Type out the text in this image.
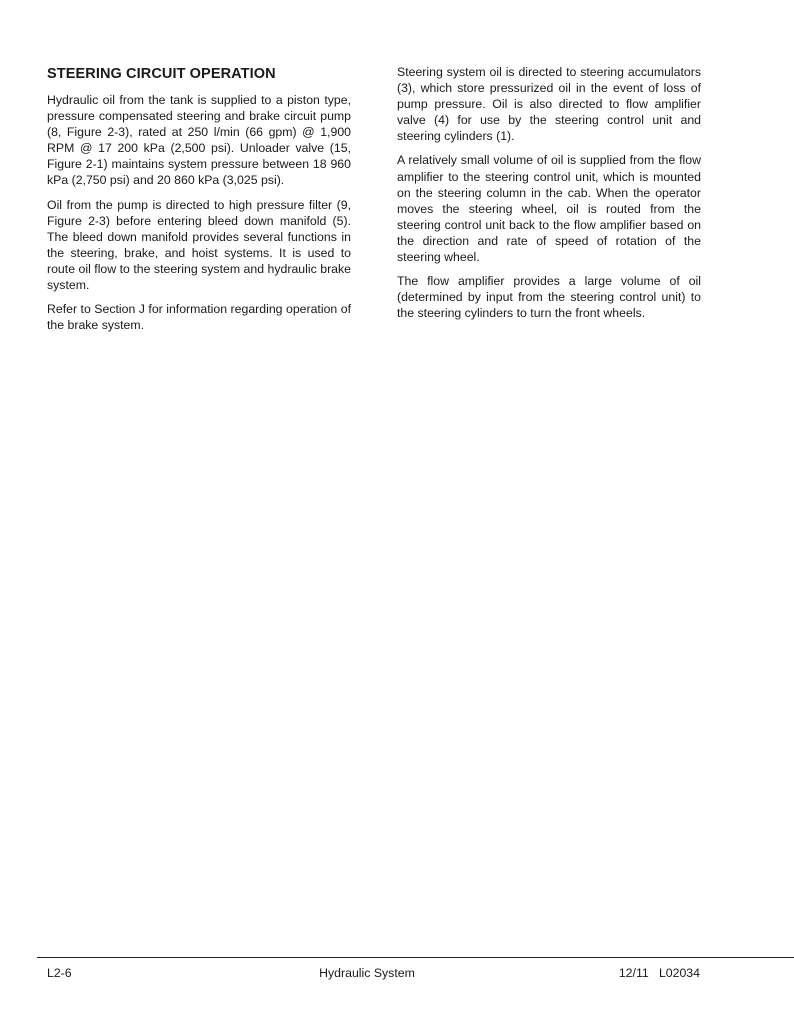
STEERING CIRCUIT OPERATION

Hydraulic oil from the tank is supplied to a piston type, pressure compensated steering and brake circuit pump (8, Figure 2-3), rated at 250 l/min (66 gpm) @ 1,900 RPM @ 17 200 kPa (2,500 psi). Unloader valve (15, Figure 2-1) maintains system pressure between 18 960 kPa (2,750 psi) and 20 860 kPa (3,025 psi).

Oil from the pump is directed to high pressure filter (9, Figure 2-3) before entering bleed down manifold (5). The bleed down manifold provides several functions in the steering, brake, and hoist systems. It is used to route oil flow to the steering system and hydraulic brake system.

Refer to Section J for information regarding operation of the brake system.

Steering system oil is directed to steering accumulators (3), which store pressurized oil in the event of loss of pump pressure. Oil is also directed to flow amplifier valve (4) for use by the steering control unit and steering cylinders (1).

A relatively small volume of oil is supplied from the flow amplifier to the steering control unit, which is mounted on the steering column in the cab. When the operator moves the steering wheel, oil is routed from the steering control unit back to the flow amplifier based on the direction and rate of speed of rotation of the steering wheel.

The flow amplifier provides a large volume of oil (determined by input from the steering control unit) to the steering cylinders to turn the front wheels.

L2-6	Hydraulic System	12/11   L02034
